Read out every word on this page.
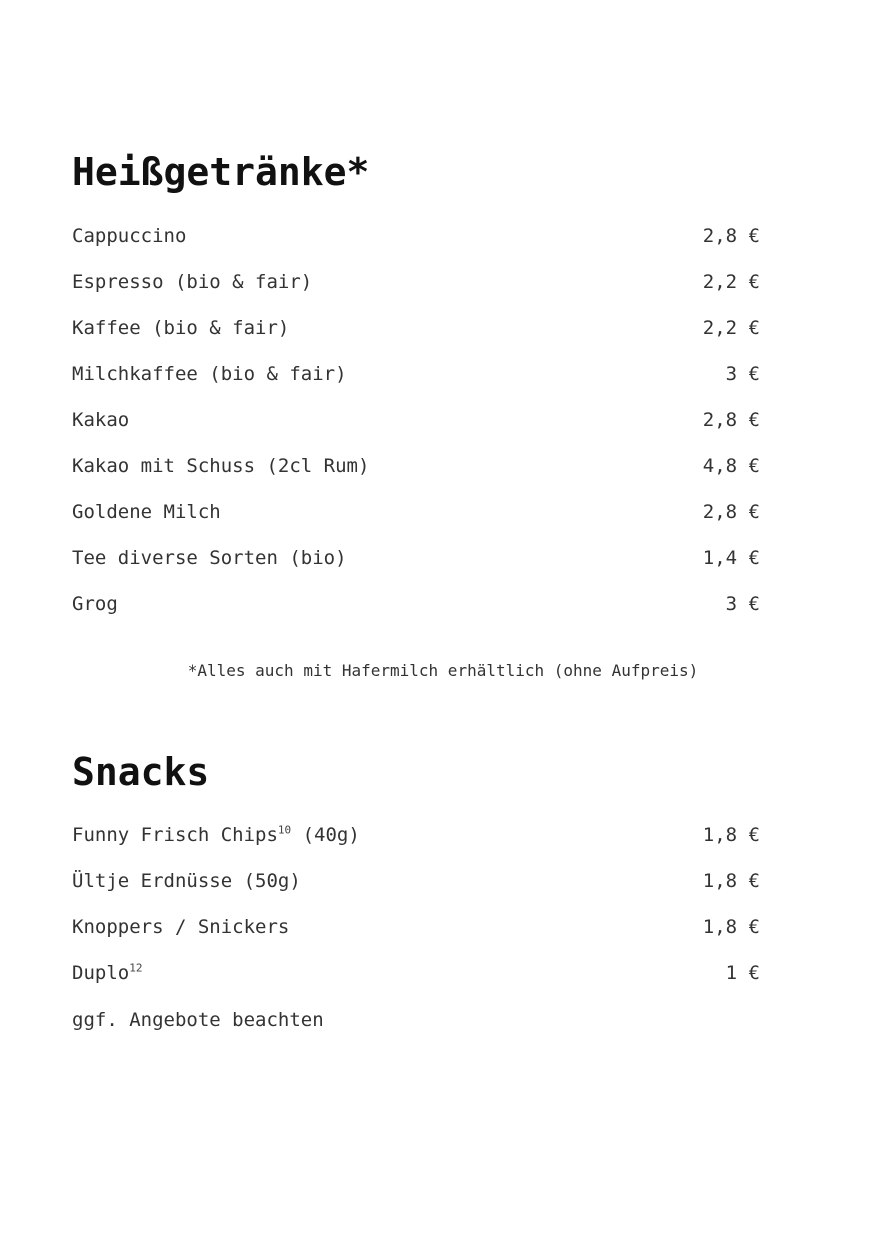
Heißgetränke*
Cappuccino	2,8 €
Espresso (bio & fair)	2,2 €
Kaffee (bio & fair)	2,2 €
Milchkaffee (bio & fair)	3 €
Kakao	2,8 €
Kakao mit Schuss (2cl Rum)	4,8 €
Goldene Milch	2,8 €
Tee diverse Sorten (bio)	1,4 €
Grog	3 €

*Alles auch mit Hafermilch erhältlich (ohne Aufpreis)

Snacks
Funny Frisch Chips$^{10}$ (40g)	1,8 €
Ültje Erdnüsse (50g)	1,8 €
Knoppers / Snickers	1,8 €
Duplo$^{12}$	1 €

ggf. Angebote beachten
